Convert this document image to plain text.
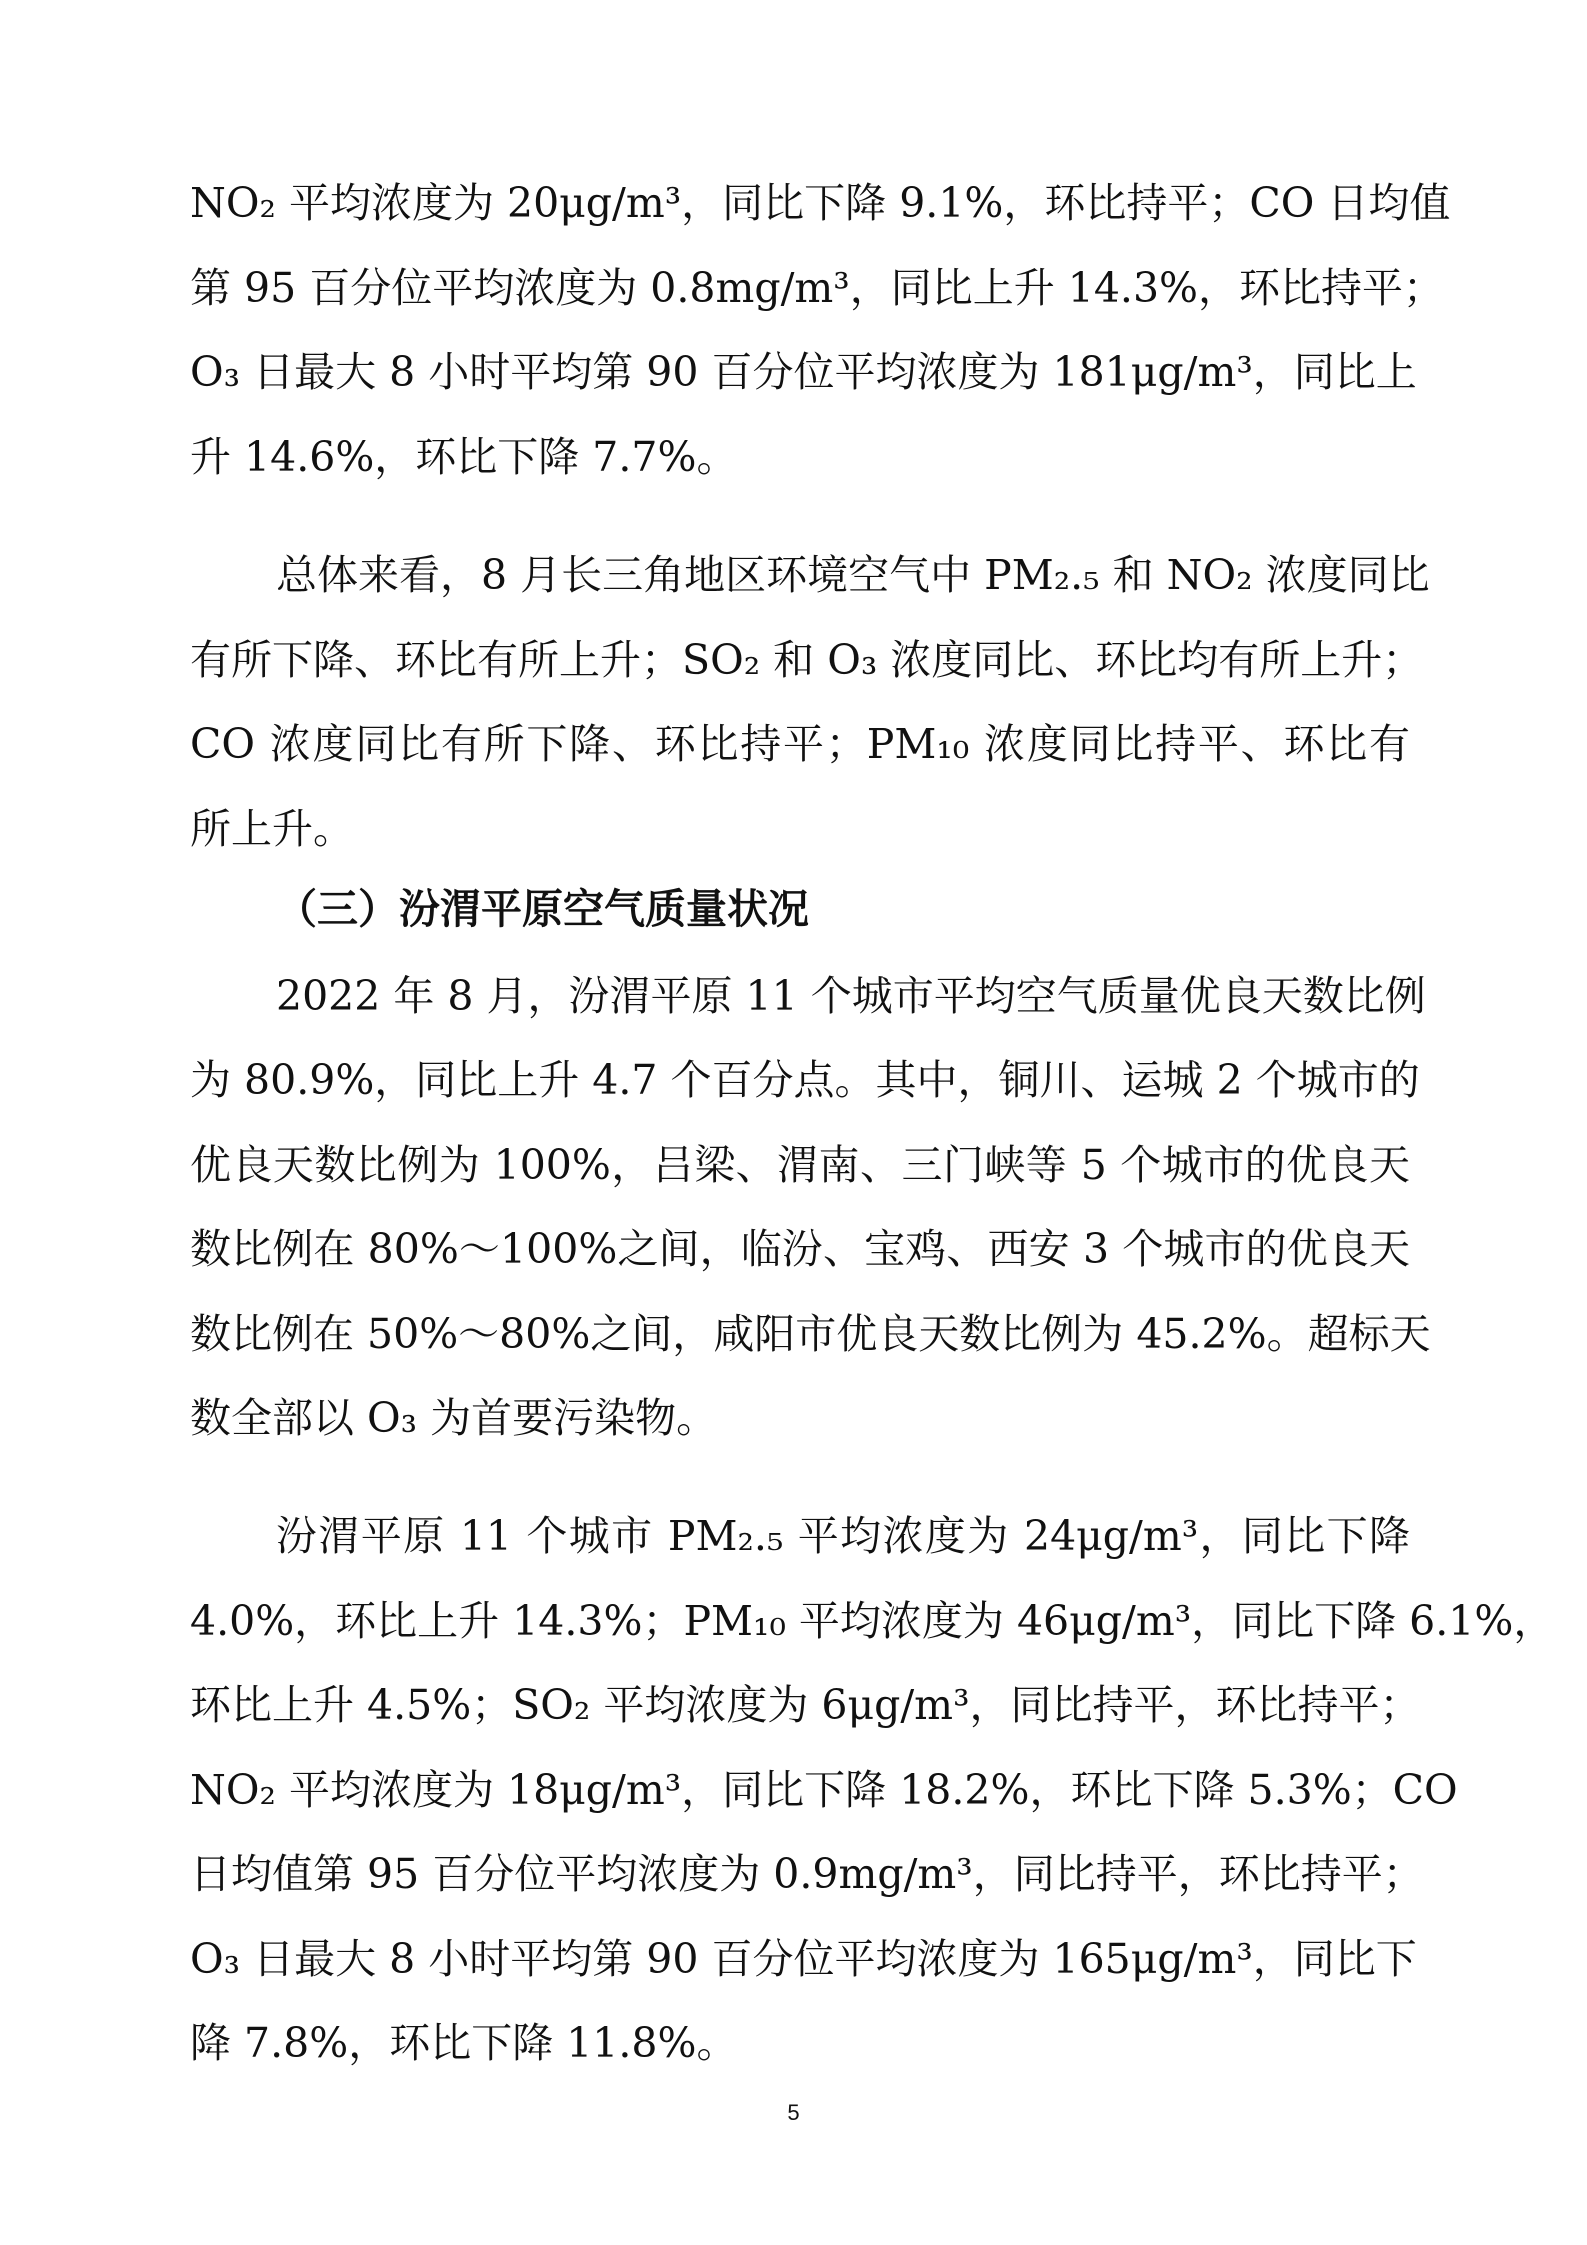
NO₂ 平均浓度为 20μg/m³，同比下降 9.1%，环比持平；CO 日均值
第 95 百分位平均浓度为 0.8mg/m³，同比上升 14.3%，环比持平；
O₃ 日最大 8 小时平均第 90 百分位平均浓度为 181μg/m³，同比上
升 14.6%，环比下降 7.7%。
总体来看，8 月长三角地区环境空气中 PM₂.₅ 和 NO₂ 浓度同比
有所下降、环比有所上升；SO₂ 和 O₃ 浓度同比、环比均有所上升；
CO 浓度同比有所下降、环比持平；PM₁₀ 浓度同比持平、环比有
所上升。
（三）汾渭平原空气质量状况
2022 年 8 月，汾渭平原 11 个城市平均空气质量优良天数比例
为 80.9%，同比上升 4.7 个百分点。其中，铜川、运城 2 个城市的
优良天数比例为 100%，吕梁、渭南、三门峡等 5 个城市的优良天
数比例在 80%～100%之间，临汾、宝鸡、西安 3 个城市的优良天
数比例在 50%～80%之间，咸阳市优良天数比例为 45.2%。超标天
数全部以 O₃ 为首要污染物。
汾渭平原 11 个城市 PM₂.₅ 平均浓度为 24μg/m³，同比下降
4.0%，环比上升 14.3%；PM₁₀ 平均浓度为 46μg/m³，同比下降 6.1%，
环比上升 4.5%；SO₂ 平均浓度为 6μg/m³，同比持平，环比持平；
NO₂ 平均浓度为 18μg/m³，同比下降 18.2%，环比下降 5.3%；CO
日均值第 95 百分位平均浓度为 0.9mg/m³，同比持平，环比持平；
O₃ 日最大 8 小时平均第 90 百分位平均浓度为 165μg/m³，同比下
降 7.8%，环比下降 11.8%。
5
